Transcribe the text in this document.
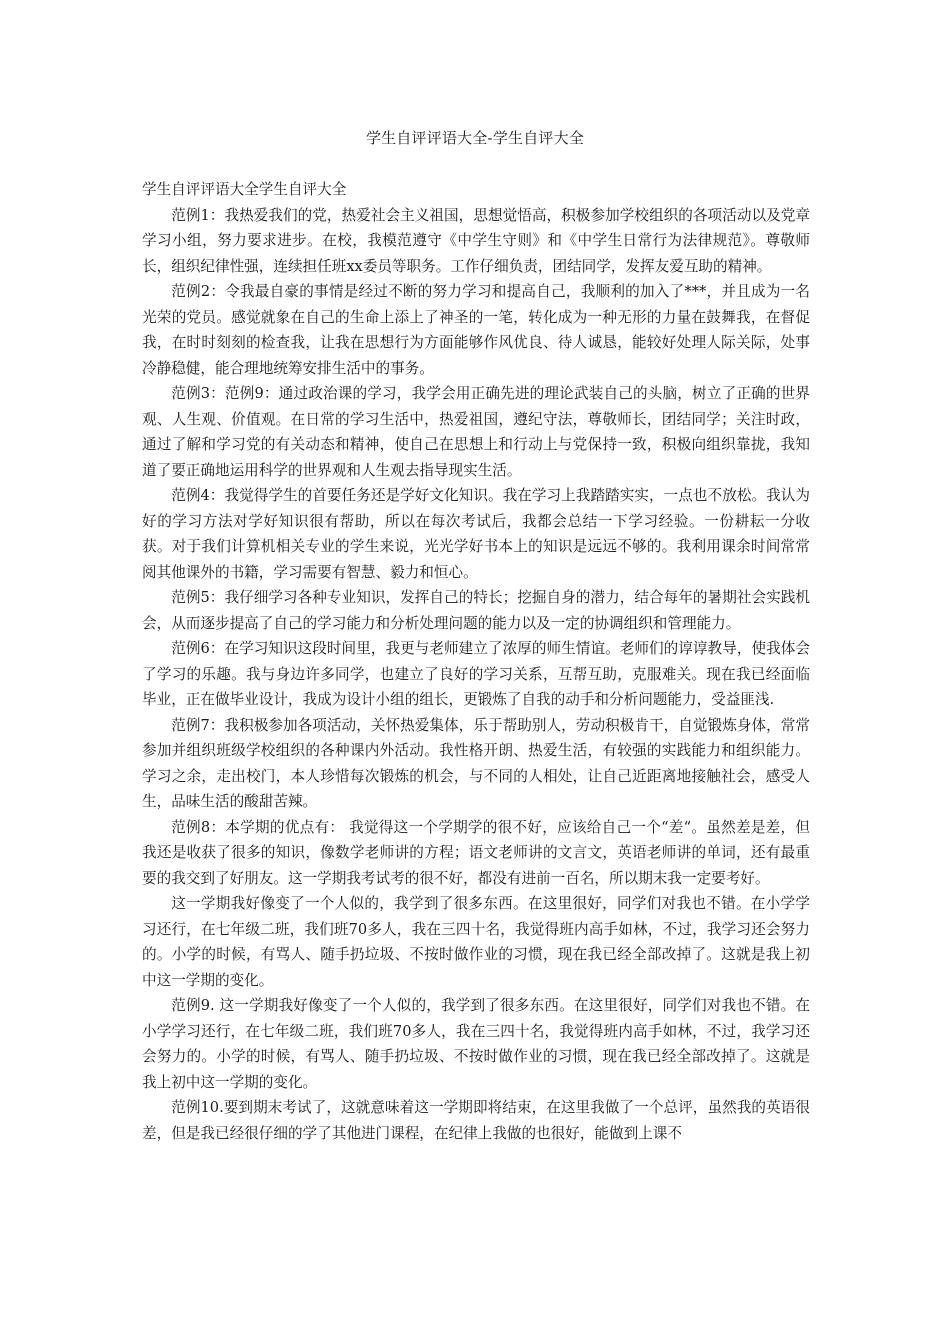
学生自评评语大全-学生自评大全

学生自评评语大全学生自评大全

范例1：我热爱我们的党，热爱社会主义祖国，思想觉悟高，积极参加学校组织的各项活动以及党章学习小组，努力要求进步。在校，我模范遵守《中学生守则》和《中学生日常行为法律规范》。尊敬师长，组织纪律性强，连续担任班xx委员等职务。工作仔细负责，团结同学，发挥友爱互助的精神。

范例2：令我最自豪的事情是经过不断的努力学习和提高自己，我顺利的加入了***，并且成为一名光荣的党员。感觉就象在自己的生命上添上了神圣的一笔，转化成为一种无形的力量在鼓舞我，在督促我，在时时刻刻的检查我，让我在思想行为方面能够作风优良、待人诚恳，能较好处理人际关际，处事冷静稳健，能合理地统筹安排生活中的事务。

范例3：范例9：通过政治课的学习，我学会用正确先进的理论武装自己的头脑，树立了正确的世界观、人生观、价值观。在日常的学习生活中，热爱祖国，遵纪守法，尊敬师长，团结同学；关注时政，通过了解和学习党的有关动态和精神，使自己在思想上和行动上与党保持一致，积极向组织靠拢，我知道了要正确地运用科学的世界观和人生观去指导现实生活。

范例4：我觉得学生的首要任务还是学好文化知识。我在学习上我踏踏实实，一点也不放松。我认为好的学习方法对学好知识很有帮助，所以在每次考试后，我都会总结一下学习经验。一份耕耘一分收获。对于我们计算机相关专业的学生来说，光光学好书本上的知识是远远不够的。我利用课余时间常常阅其他课外的书籍，学习需要有智慧、毅力和恒心。

范例5：我仔细学习各种专业知识，发挥自己的特长；挖掘自身的潜力，结合每年的暑期社会实践机会，从而逐步提高了自己的学习能力和分析处理问题的能力以及一定的协调组织和管理能力。

范例6：在学习知识这段时间里，我更与老师建立了浓厚的师生情谊。老师们的谆谆教导，使我体会了学习的乐趣。我与身边许多同学，也建立了良好的学习关系，互帮互助，克服难关。现在我已经面临毕业，正在做毕业设计，我成为设计小组的组长，更锻炼了自我的动手和分析问题能力，受益匪浅.

范例7：我积极参加各项活动，关怀热爱集体，乐于帮助别人，劳动积极肯干，自觉锻炼身体，常常参加并组织班级学校组织的各种课内外活动。我性格开朗、热爱生活，有较强的实践能力和组织能力。学习之余，走出校门，本人珍惜每次锻炼的机会，与不同的人相处，让自己近距离地接触社会，感受人生，品味生活的酸甜苦辣。

范例8：本学期的优点有： 我觉得这一个学期学的很不好，应该给自己一个“差“。虽然差是差，但我还是收获了很多的知识，像数学老师讲的方程；语文老师讲的文言文，英语老师讲的单词，还有最重要的我交到了好朋友。这一学期我考试考的很不好，都没有进前一百名，所以期末我一定要考好。

这一学期我好像变了一个人似的，我学到了很多东西。在这里很好，同学们对我也不错。在小学学习还行，在七年级二班，我们班70多人，我在三四十名，我觉得班内高手如林，不过，我学习还会努力的。小学的时候，有骂人、随手扔垃圾、不按时做作业的习惯，现在我已经全部改掉了。这就是我上初中这一学期的变化。

范例9. 这一学期我好像变了一个人似的，我学到了很多东西。在这里很好，同学们对我也不错。在小学学习还行，在七年级二班，我们班70多人，我在三四十名，我觉得班内高手如林，不过，我学习还会努力的。小学的时候，有骂人、随手扔垃圾、不按时做作业的习惯，现在我已经全部改掉了。这就是我上初中这一学期的变化。

范例10.要到期末考试了，这就意味着这一学期即将结束，在这里我做了一个总评，虽然我的英语很差，但是我已经很仔细的学了其他进门课程，在纪律上我做的也很好，能做到上课不
